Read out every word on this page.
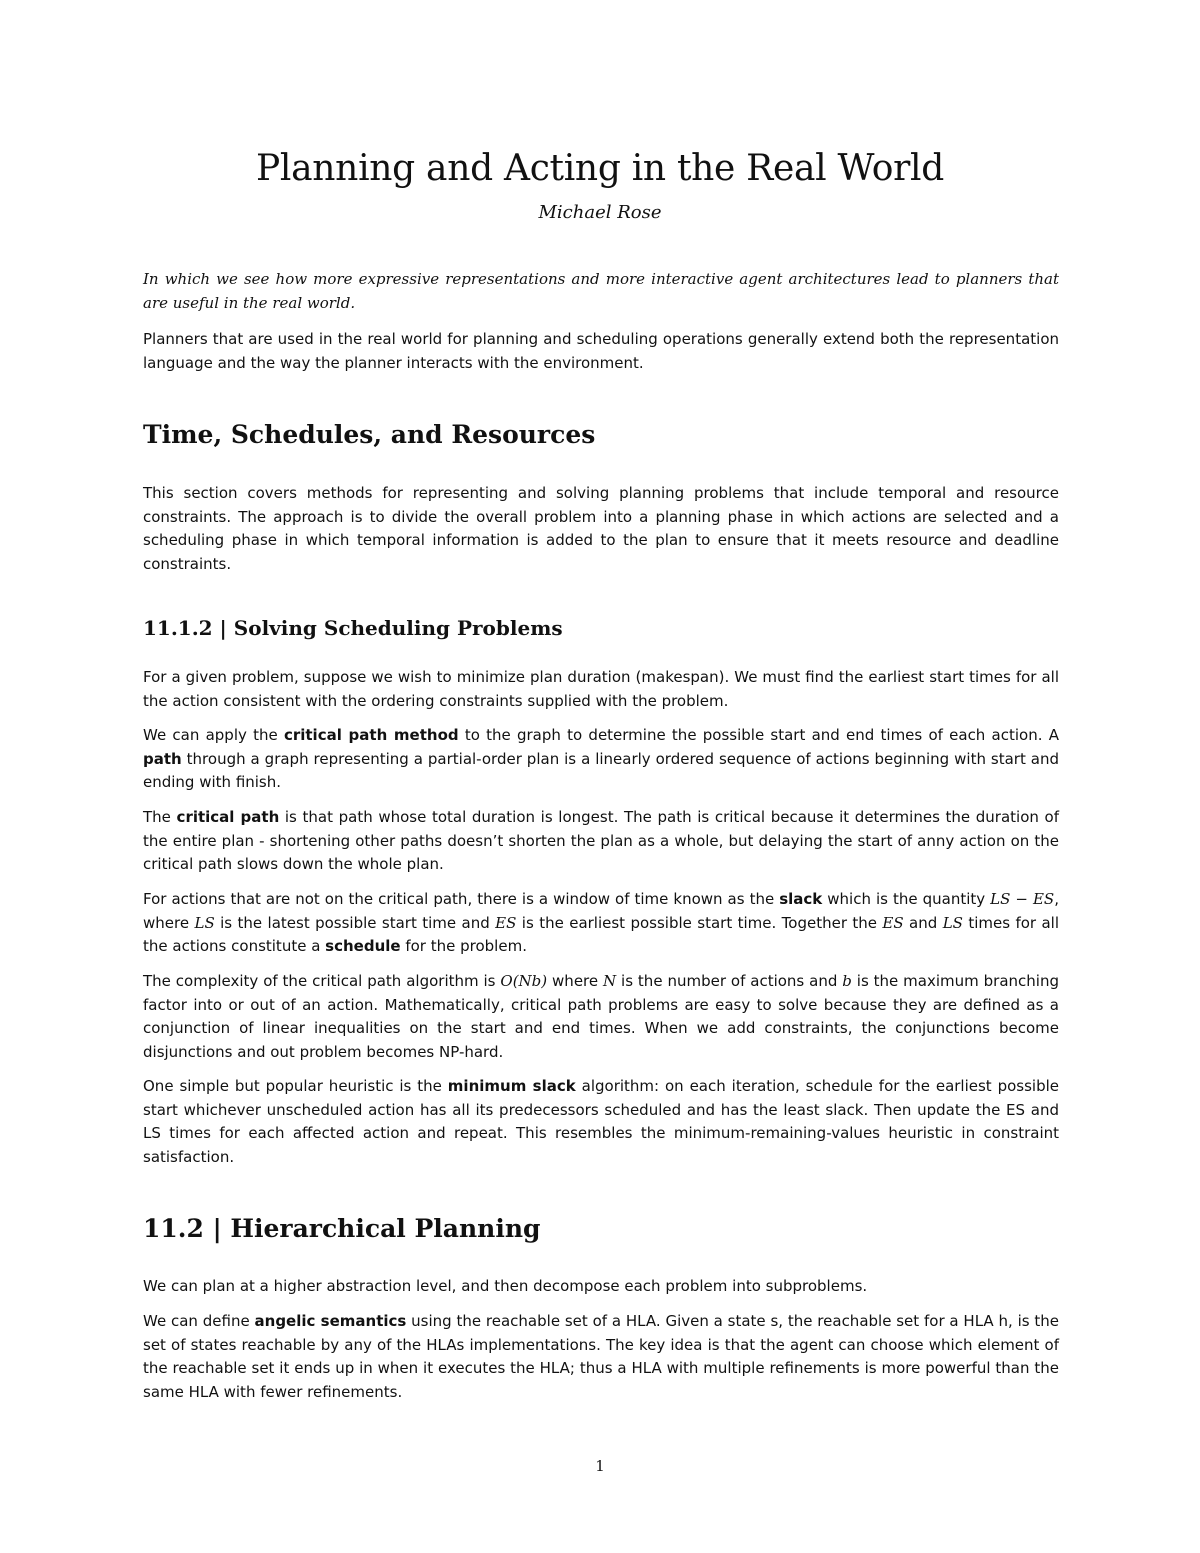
Planning and Acting in the Real World

Michael Rose

In which we see how more expressive representations and more interactive agent architectures lead to planners that are useful in the real world.

Planners that are used in the real world for planning and scheduling operations generally extend both the representation language and the way the planner interacts with the environment.

Time, Schedules, and Resources

This section covers methods for representing and solving planning problems that include temporal and resource constraints. The approach is to divide the overall problem into a planning phase in which actions are selected and a scheduling phase in which temporal information is added to the plan to ensure that it meets resource and deadline constraints.

11.1.2 | Solving Scheduling Problems

For a given problem, suppose we wish to minimize plan duration (makespan). We must find the earliest start times for all the action consistent with the ordering constraints supplied with the problem.

We can apply the critical path method to the graph to determine the possible start and end times of each action. A path through a graph representing a partial-order plan is a linearly ordered sequence of actions beginning with start and ending with finish.

The critical path is that path whose total duration is longest. The path is critical because it determines the duration of the entire plan - shortening other paths doesn’t shorten the plan as a whole, but delaying the start of anny action on the critical path slows down the whole plan.

For actions that are not on the critical path, there is a window of time known as the slack which is the quantity LS − ES, where LS is the latest possible start time and ES is the earliest possible start time. Together the ES and LS times for all the actions constitute a schedule for the problem.

The complexity of the critical path algorithm is O(Nb) where N is the number of actions and b is the maximum branching factor into or out of an action. Mathematically, critical path problems are easy to solve because they are defined as a conjunction of linear inequalities on the start and end times. When we add constraints, the conjunctions become disjunctions and out problem becomes NP-hard.

One simple but popular heuristic is the minimum slack algorithm: on each iteration, schedule for the earliest possible start whichever unscheduled action has all its predecessors scheduled and has the least slack. Then update the ES and LS times for each affected action and repeat. This resembles the minimum-remaining-values heuristic in constraint satisfaction.

11.2 | Hierarchical Planning

We can plan at a higher abstraction level, and then decompose each problem into subproblems.

We can define angelic semantics using the reachable set of a HLA. Given a state s, the reachable set for a HLA h, is the set of states reachable by any of the HLAs implementations. The key idea is that the agent can choose which element of the reachable set it ends up in when it executes the HLA; thus a HLA with multiple refinements is more powerful than the same HLA with fewer refinements.

1
